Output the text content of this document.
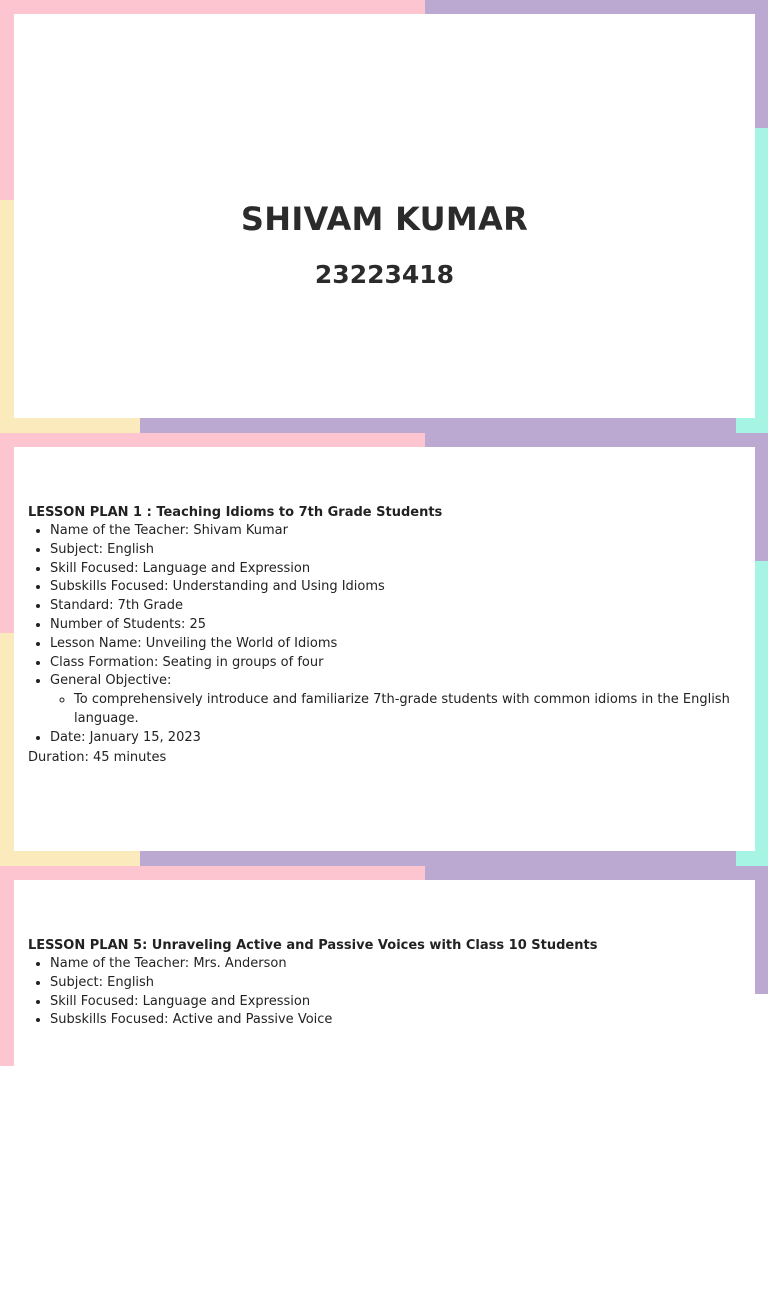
SHIVAM KUMAR
23223418

LESSON PLAN 1 : Teaching Idioms to 7th Grade Students

• Name of the Teacher: Shivam Kumar
• Subject: English
• Skill Focused: Language and Expression
• Subskills Focused: Understanding and Using Idioms
• Standard: 7th Grade
• Number of Students: 25
• Lesson Name: Unveiling the World of Idioms
• Class Formation: Seating in groups of four
• General Objective:
◦ To comprehensively introduce and familiarize 7th-grade students with common idioms in the English language.
• Date: January 15, 2023
Duration: 45 minutes

LESSON PLAN 5: Unraveling Active and Passive Voices with Class 10 Students

• Name of the Teacher: Mrs. Anderson
• Subject: English
• Skill Focused: Language and Expression
• Subskills Focused: Active and Passive Voice
